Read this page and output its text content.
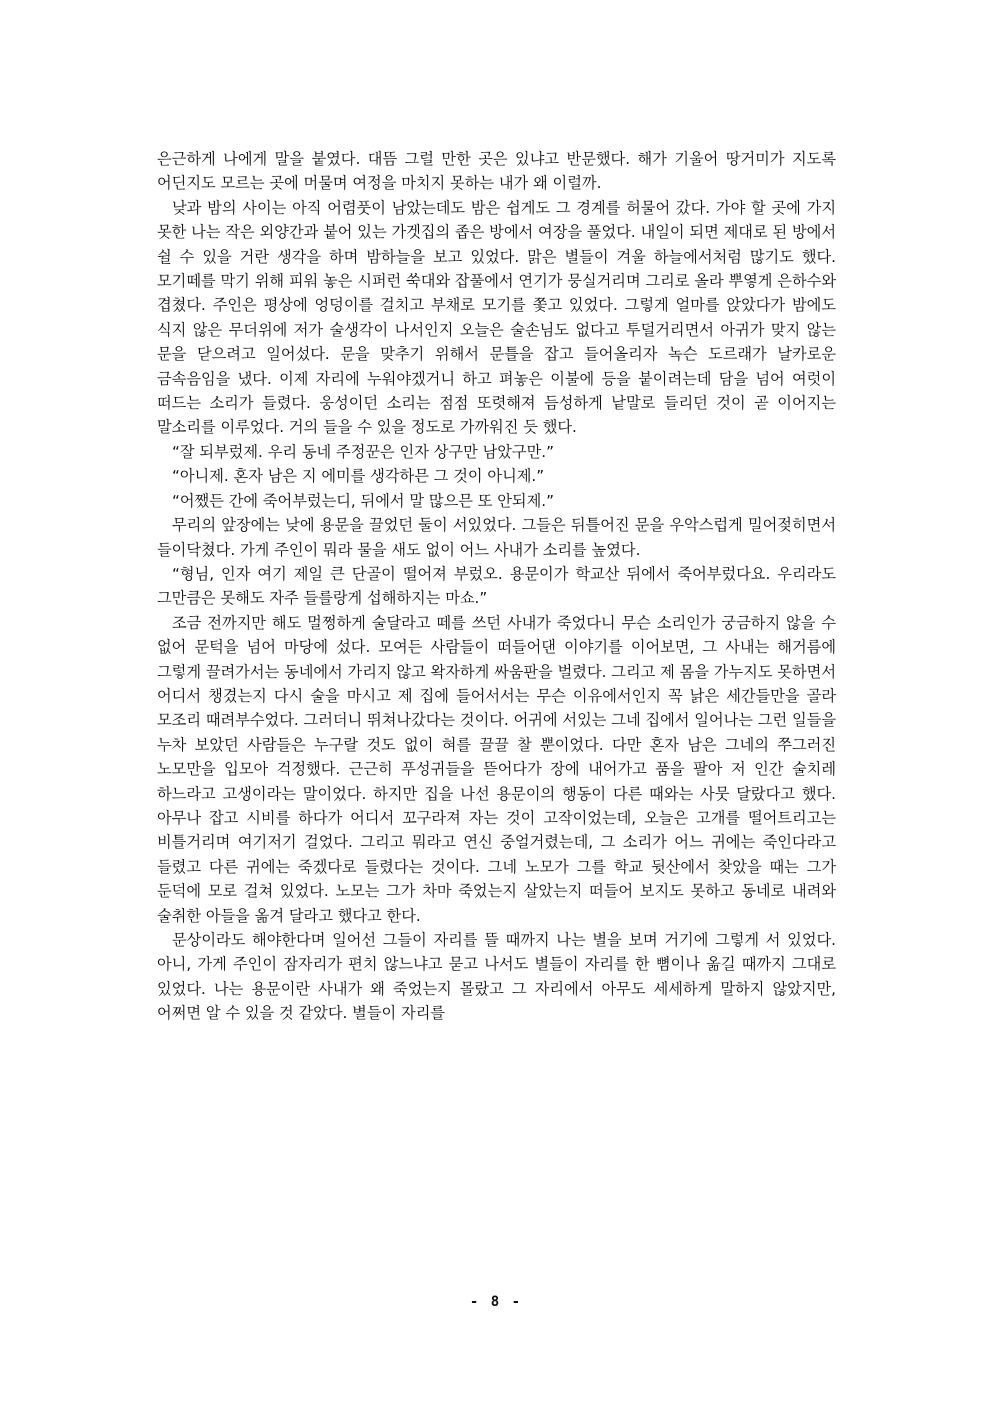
은근하게 나에게 말을 붙였다. 대뜸 그럴 만한 곳은 있냐고 반문했다. 해가 기울어 땅거미가 지도록 어딘지도 모르는 곳에 머물며 여정을 마치지 못하는 내가 왜 이럴까.

낮과 밤의 사이는 아직 어렴풋이 남았는데도 밤은 쉽게도 그 경계를 허물어 갔다. 가야 할 곳에 가지 못한 나는 작은 외양간과 붙어 있는 가겟집의 좁은 방에서 여장을 풀었다. 내일이 되면 제대로 된 방에서 쉴 수 있을 거란 생각을 하며 밤하늘을 보고 있었다. 맑은 별들이 겨울 하늘에서처럼 많기도 했다. 모기떼를 막기 위해 피워 놓은 시퍼런 쑥대와 잡풀에서 연기가 뭉실거리며 그리로 올라 뿌옇게 은하수와 겹쳤다. 주인은 평상에 엉덩이를 걸치고 부채로 모기를 쫓고 있었다. 그렇게 얼마를 앉았다가 밤에도 식지 않은 무더위에 저가 술생각이 나서인지 오늘은 술손님도 없다고 투덜거리면서 아귀가 맞지 않는 문을 닫으려고 일어섰다. 문을 맞추기 위해서 문틀을 잡고 들어올리자 녹슨 도르래가 날카로운 금속음임을 냈다. 이제 자리에 누워야겠거니 하고 펴놓은 이불에 등을 붙이려는데 담을 넘어 여럿이 떠드는 소리가 들렸다. 웅성이던 소리는 점점 또렷해져 듬성하게 낱말로 들리던 것이 곧 이어지는 말소리를 이루었다. 거의 들을 수 있을 정도로 가까워진 듯 했다.

“잘 되부렀제. 우리 동네 주정꾼은 인자 상구만 남았구만.”

“아니제. 혼자 남은 지 에미를 생각하믄 그 것이 아니제.”

“어쨌든 간에 죽어부렀는디, 뒤에서 말 많으믄 또 안되제.”

무리의 앞장에는 낮에 용문을 끌었던 둘이 서있었다. 그들은 뒤틀어진 문을 우악스럽게 밀어젖히면서 들이닥쳤다. 가게 주인이 뭐라 물을 새도 없이 어느 사내가 소리를 높였다.

“형님, 인자 여기 제일 큰 단골이 떨어져 부렀오. 용문이가 학교산 뒤에서 죽어부렀다요. 우리라도 그만큼은 못해도 자주 들를랑게 섭해하지는 마쇼.”

조금 전까지만 해도 멀쩡하게 술달라고 떼를 쓰던 사내가 죽었다니 무슨 소리인가 궁금하지 않을 수 없어 문턱을 넘어 마당에 섰다. 모여든 사람들이 떠들어댄 이야기를 이어보면, 그 사내는 해거름에 그렇게 끌려가서는 동네에서 가리지 않고 왁자하게 싸움판을 벌렸다. 그리고 제 몸을 가누지도 못하면서 어디서 챙겼는지 다시 술을 마시고 제 집에 들어서서는 무슨 이유에서인지 꼭 낡은 세간들만을 골라 모조리 때려부수었다. 그러더니 뛰쳐나갔다는 것이다. 어귀에 서있는 그네 집에서 일어나는 그런 일들을 누차 보았던 사람들은 누구랄 것도 없이 혀를 끌끌 찰 뿐이었다. 다만 혼자 남은 그네의 쭈그러진 노모만을 입모아 걱정했다. 근근히 푸성귀들을 뜯어다가 장에 내어가고 품을 팔아 저 인간 술치레 하느라고 고생이라는 말이었다. 하지만 집을 나선 용문이의 행동이 다른 때와는 사뭇 달랐다고 했다. 아무나 잡고 시비를 하다가 어디서 꼬구라져 자는 것이 고작이었는데, 오늘은 고개를 떨어트리고는 비틀거리며 여기저기 걸었다. 그리고 뭐라고 연신 중얼거렸는데, 그 소리가 어느 귀에는 죽인다라고 들렸고 다른 귀에는 죽겠다로 들렸다는 것이다. 그네 노모가 그를 학교 뒷산에서 찾았을 때는 그가 둔덕에 모로 걸쳐 있었다. 노모는 그가 차마 죽었는지 살았는지 떠들어 보지도 못하고 동네로 내려와 술취한 아들을 옮겨 달라고 했다고 한다.

문상이라도 해야한다며 일어선 그들이 자리를 뜰 때까지 나는 별을 보며 거기에 그렇게 서 있었다. 아니, 가게 주인이 잠자리가 편치 않느냐고 묻고 나서도 별들이 자리를 한 뼘이나 옮길 때까지 그대로 있었다. 나는 용문이란 사내가 왜 죽었는지 몰랐고 그 자리에서 아무도 세세하게 말하지 않았지만, 어쩌면 알 수 있을 것 같았다. 별들이 자리를

- 8 -
